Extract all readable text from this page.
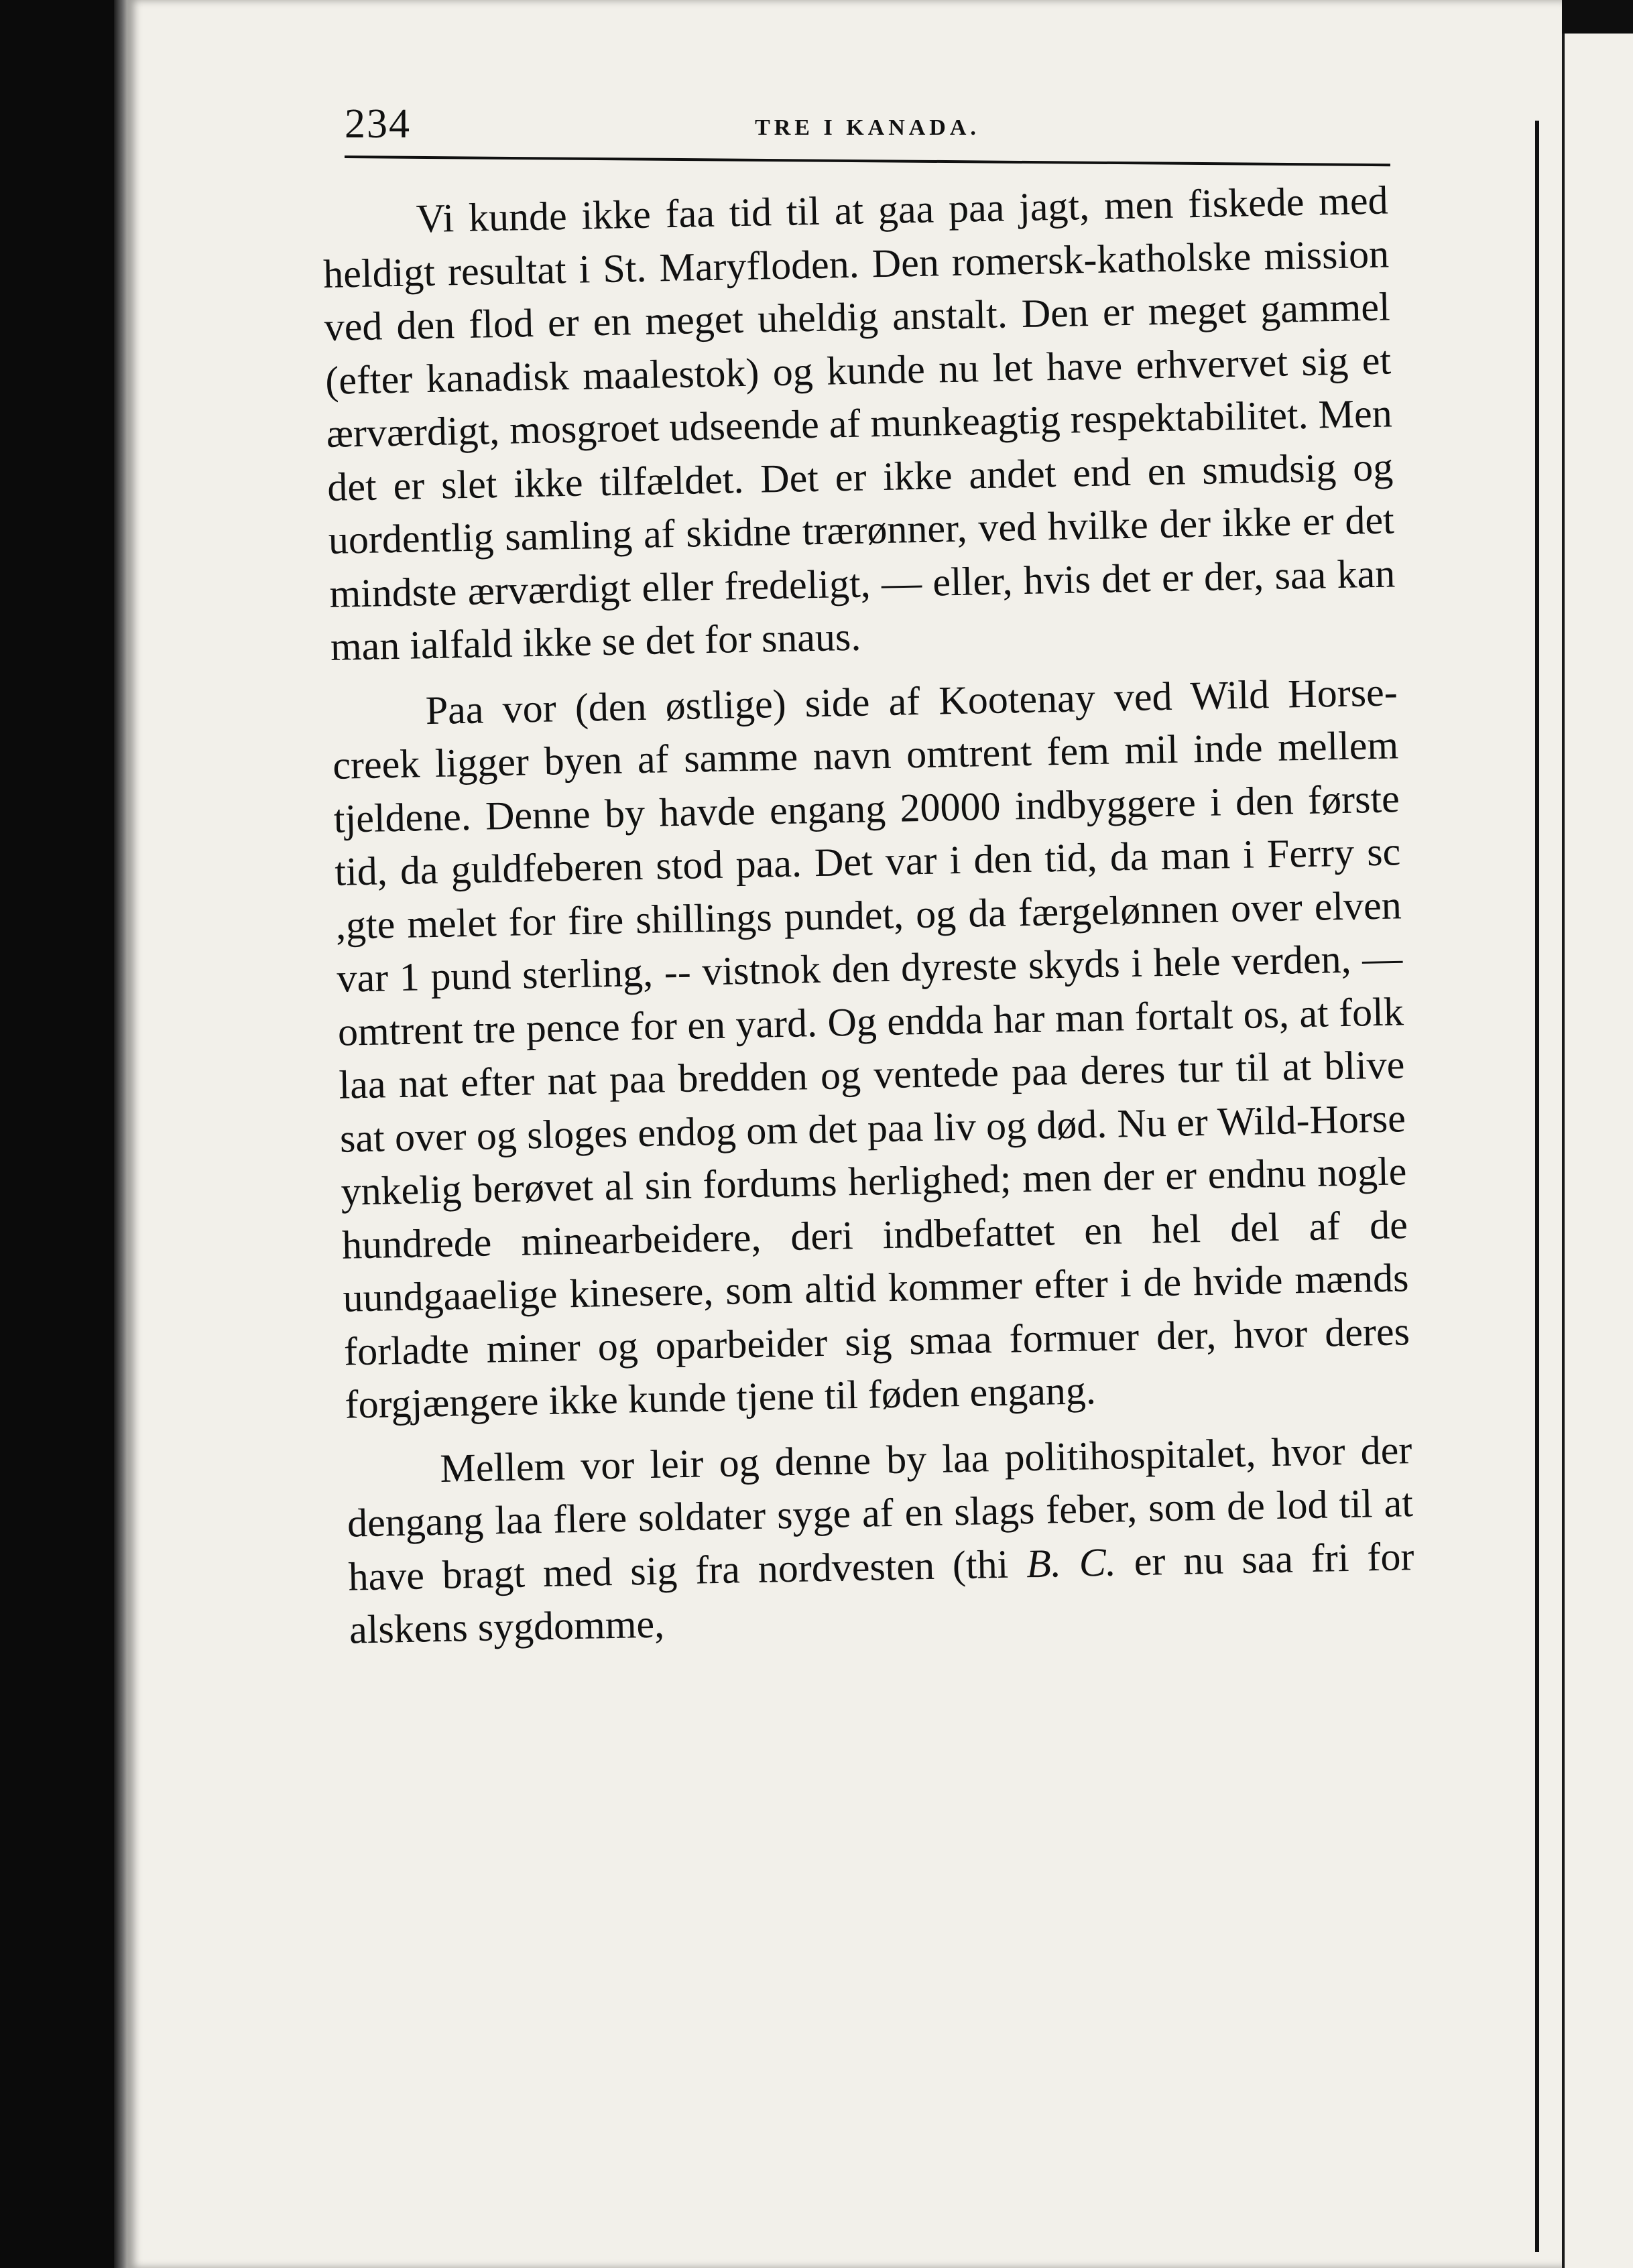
234	TRE I KANADA.

Vi kunde ikke faa tid til at gaa paa jagt, men fiskede med heldigt resultat i St. Maryfloden. Den romersk-katholske mission ved den flod er en meget uheldig anstalt. Den er meget gammel (efter kanadisk maalestok) og kunde nu let have erhvervet sig et ærværdigt, mosgroet udseende af munkeagtig respektabilitet. Men det er slet ikke tilfældet. Det er ikke andet end en smudsig og uordentlig samling af skidne trærønner, ved hvilke der ikke er det mindste ærværdigt eller fredeligt, — eller, hvis det er der, saa kan man ialfald ikke se det for snaus.

Paa vor (den østlige) side af Kootenay ved Wild Horse-creek ligger byen af samme navn omtrent fem mil inde mellem tjeldene. Denne by havde engang 20000 indbyggere i den første tid, da guldfeberen stod paa. Det var i den tid, da man i Ferry sc ,gte melet for fire shillings pundet, og da færgelønnen over elven var 1 pund sterling, -- vistnok den dyreste skyds i hele verden, — omtrent tre pence for en yard. Og endda har man fortalt os, at folk laa nat efter nat paa bredden og ventede paa deres tur til at blive sat over og sloges endog om det paa liv og død. Nu er Wild-Horse ynkelig berøvet al sin fordums herlighed; men der er endnu nogle hundrede minearbeidere, deri indbefattet en hel del af de uundgaaelige kinesere, som altid kommer efter i de hvide mænds forladte miner og oparbeider sig smaa formuer der, hvor deres forgjængere ikke kunde tjene til føden engang.

Mellem vor leir og denne by laa politihospitalet, hvor der dengang laa flere soldater syge af en slags feber, som de lod til at have bragt med sig fra nordvesten (thi B. C. er nu saa fri for alskens sygdomme,
